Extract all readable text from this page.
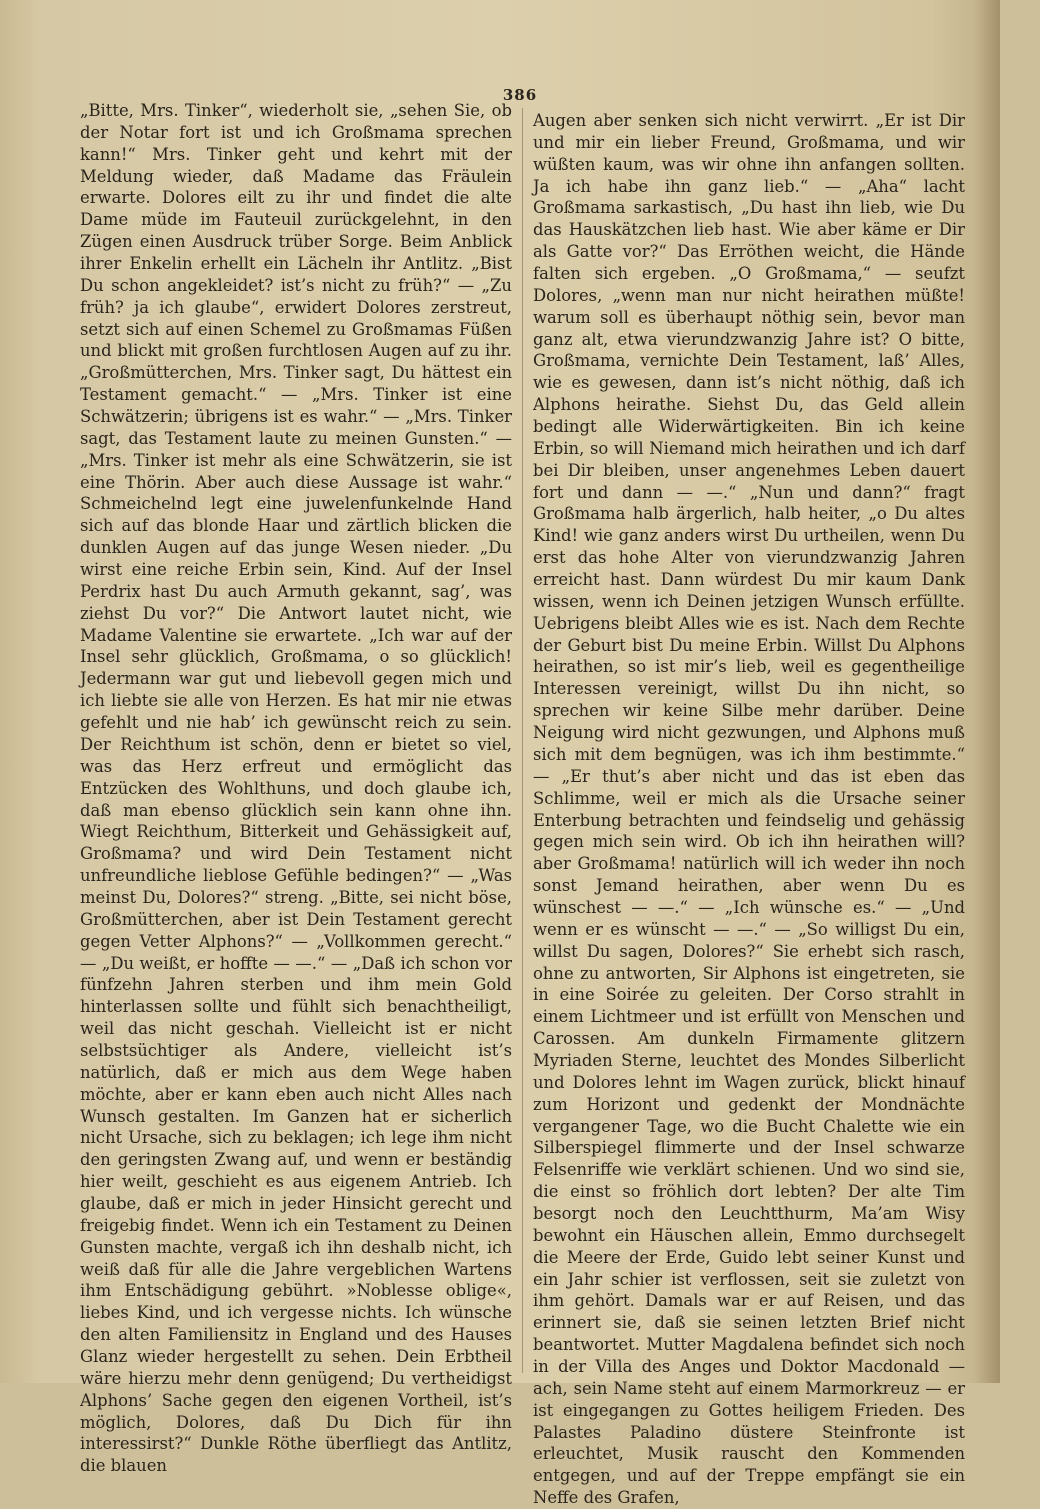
386

„Bitte, Mrs. Tinker“, wiederholt sie, „sehen Sie, ob der Notar fort ist und ich Großmama sprechen kann!“ Mrs. Tinker geht und kehrt mit der Meldung wieder, daß Madame das Fräulein erwarte. Dolores eilt zu ihr und findet die alte Dame müde im Fauteuil zurückgelehnt, in den Zügen einen Ausdruck trüber Sorge. Beim Anblick ihrer Enkelin erhellt ein Lächeln ihr Antlitz. „Bist Du schon angekleidet? ist’s nicht zu früh?“ — „Zu früh? ja ich glaube“, erwidert Dolores zerstreut, setzt sich auf einen Schemel zu Großmamas Füßen und blickt mit großen furchtlosen Augen auf zu ihr. „Großmütterchen, Mrs. Tinker sagt, Du hättest ein Testament gemacht.“ — „Mrs. Tinker ist eine Schwätzerin; übrigens ist es wahr.“ — „Mrs. Tinker sagt, das Testament laute zu meinen Gunsten.“ — „Mrs. Tinker ist mehr als eine Schwätzerin, sie ist eine Thörin. Aber auch diese Aussage ist wahr.“ Schmeichelnd legt eine juwelenfunkelnde Hand sich auf das blonde Haar und zärtlich blicken die dunklen Augen auf das junge Wesen nieder. „Du wirst eine reiche Erbin sein, Kind. Auf der Insel Perdrix hast Du auch Armuth gekannt, sag’, was ziehst Du vor?“ Die Antwort lautet nicht, wie Madame Valentine sie erwartete. „Ich war auf der Insel sehr glücklich, Großmama, o so glücklich! Jedermann war gut und liebevoll gegen mich und ich liebte sie alle von Herzen. Es hat mir nie etwas gefehlt und nie hab’ ich gewünscht reich zu sein. Der Reichthum ist schön, denn er bietet so viel, was das Herz erfreut und ermöglicht das Entzücken des Wohlthuns, und doch glaube ich, daß man ebenso glücklich sein kann ohne ihn. Wiegt Reichthum, Bitterkeit und Gehässigkeit auf, Großmama? und wird Dein Testament nicht unfreundliche lieblose Gefühle bedingen?“ — „Was meinst Du, Dolores?“ streng. „Bitte, sei nicht böse, Großmütterchen, aber ist Dein Testament gerecht gegen Vetter Alphons?“ — „Vollkommen gerecht.“ — „Du weißt, er hoffte — —.“ — „Daß ich schon vor fünfzehn Jahren sterben und ihm mein Gold hinterlassen sollte und fühlt sich benachtheiligt, weil das nicht geschah. Vielleicht ist er nicht selbstsüchtiger als Andere, vielleicht ist’s natürlich, daß er mich aus dem Wege haben möchte, aber er kann eben auch nicht Alles nach Wunsch gestalten. Im Ganzen hat er sicherlich nicht Ursache, sich zu beklagen; ich lege ihm nicht den geringsten Zwang auf, und wenn er beständig hier weilt, geschieht es aus eigenem Antrieb. Ich glaube, daß er mich in jeder Hinsicht gerecht und freigebig findet. Wenn ich ein Testament zu Deinen Gunsten machte, vergaß ich ihn deshalb nicht, ich weiß daß für alle die Jahre vergeblichen Wartens ihm Entschädigung gebührt. »Noblesse oblige«, liebes Kind, und ich vergesse nichts. Ich wünsche den alten Familiensitz in England und des Hauses Glanz wieder hergestellt zu sehen. Dein Erbtheil wäre hierzu mehr denn genügend; Du vertheidigst Alphons’ Sache gegen den eigenen Vortheil, ist’s möglich, Dolores, daß Du Dich für ihn interessirst?“ Dunkle Röthe überfliegt das Antlitz, die blauen

Augen aber senken sich nicht verwirrt. „Er ist Dir und mir ein lieber Freund, Großmama, und wir wüßten kaum, was wir ohne ihn anfangen sollten. Ja ich habe ihn ganz lieb.“ — „Aha“ lacht Großmama sarkastisch, „Du hast ihn lieb, wie Du das Hauskätzchen lieb hast. Wie aber käme er Dir als Gatte vor?“ Das Erröthen weicht, die Hände falten sich ergeben. „O Großmama,“ — seufzt Dolores, „wenn man nur nicht heirathen müßte! warum soll es überhaupt nöthig sein, bevor man ganz alt, etwa vierundzwanzig Jahre ist? O bitte, Großmama, vernichte Dein Testament, laß’ Alles, wie es gewesen, dann ist’s nicht nöthig, daß ich Alphons heirathe. Siehst Du, das Geld allein bedingt alle Widerwärtigkeiten. Bin ich keine Erbin, so will Niemand mich heirathen und ich darf bei Dir bleiben, unser angenehmes Leben dauert fort und dann — —.“ „Nun und dann?“ fragt Großmama halb ärgerlich, halb heiter, „o Du altes Kind! wie ganz anders wirst Du urtheilen, wenn Du erst das hohe Alter von vierundzwanzig Jahren erreicht hast. Dann würdest Du mir kaum Dank wissen, wenn ich Deinen jetzigen Wunsch erfüllte. Uebrigens bleibt Alles wie es ist. Nach dem Rechte der Geburt bist Du meine Erbin. Willst Du Alphons heirathen, so ist mir’s lieb, weil es gegentheilige Interessen vereinigt, willst Du ihn nicht, so sprechen wir keine Silbe mehr darüber. Deine Neigung wird nicht gezwungen, und Alphons muß sich mit dem begnügen, was ich ihm bestimmte.“ — „Er thut’s aber nicht und das ist eben das Schlimme, weil er mich als die Ursache seiner Enterbung betrachten und feindselig und gehässig gegen mich sein wird. Ob ich ihn heirathen will? aber Großmama! natürlich will ich weder ihn noch sonst Jemand heirathen, aber wenn Du es wünschest — —.“ — „Ich wünsche es.“ — „Und wenn er es wünscht — —.“ — „So willigst Du ein, willst Du sagen, Dolores?“ Sie erhebt sich rasch, ohne zu antworten, Sir Alphons ist eingetreten, sie in eine Soirée zu geleiten. Der Corso strahlt in einem Lichtmeer und ist erfüllt von Menschen und Carossen. Am dunkeln Firmamente glitzern Myriaden Sterne, leuchtet des Mondes Silberlicht und Dolores lehnt im Wagen zurück, blickt hinauf zum Horizont und gedenkt der Mondnächte vergangener Tage, wo die Bucht Chalette wie ein Silberspiegel flimmerte und der Insel schwarze Felsenriffe wie verklärt schienen. Und wo sind sie, die einst so fröhlich dort lebten? Der alte Tim besorgt noch den Leuchtthurm, Ma’am Wisy bewohnt ein Häuschen allein, Emmo durchsegelt die Meere der Erde, Guido lebt seiner Kunst und ein Jahr schier ist verflossen, seit sie zuletzt von ihm gehört. Damals war er auf Reisen, und das erinnert sie, daß sie seinen letzten Brief nicht beantwortet. Mutter Magdalena befindet sich noch in der Villa des Anges und Doktor Macdonald — ach, sein Name steht auf einem Marmorkreuz — er ist eingegangen zu Gottes heiligem Frieden. Des Palastes Paladino düstere Steinfronte ist erleuchtet, Musik rauscht den Kommenden entgegen, und auf der Treppe empfängt sie ein Neffe des Grafen,
